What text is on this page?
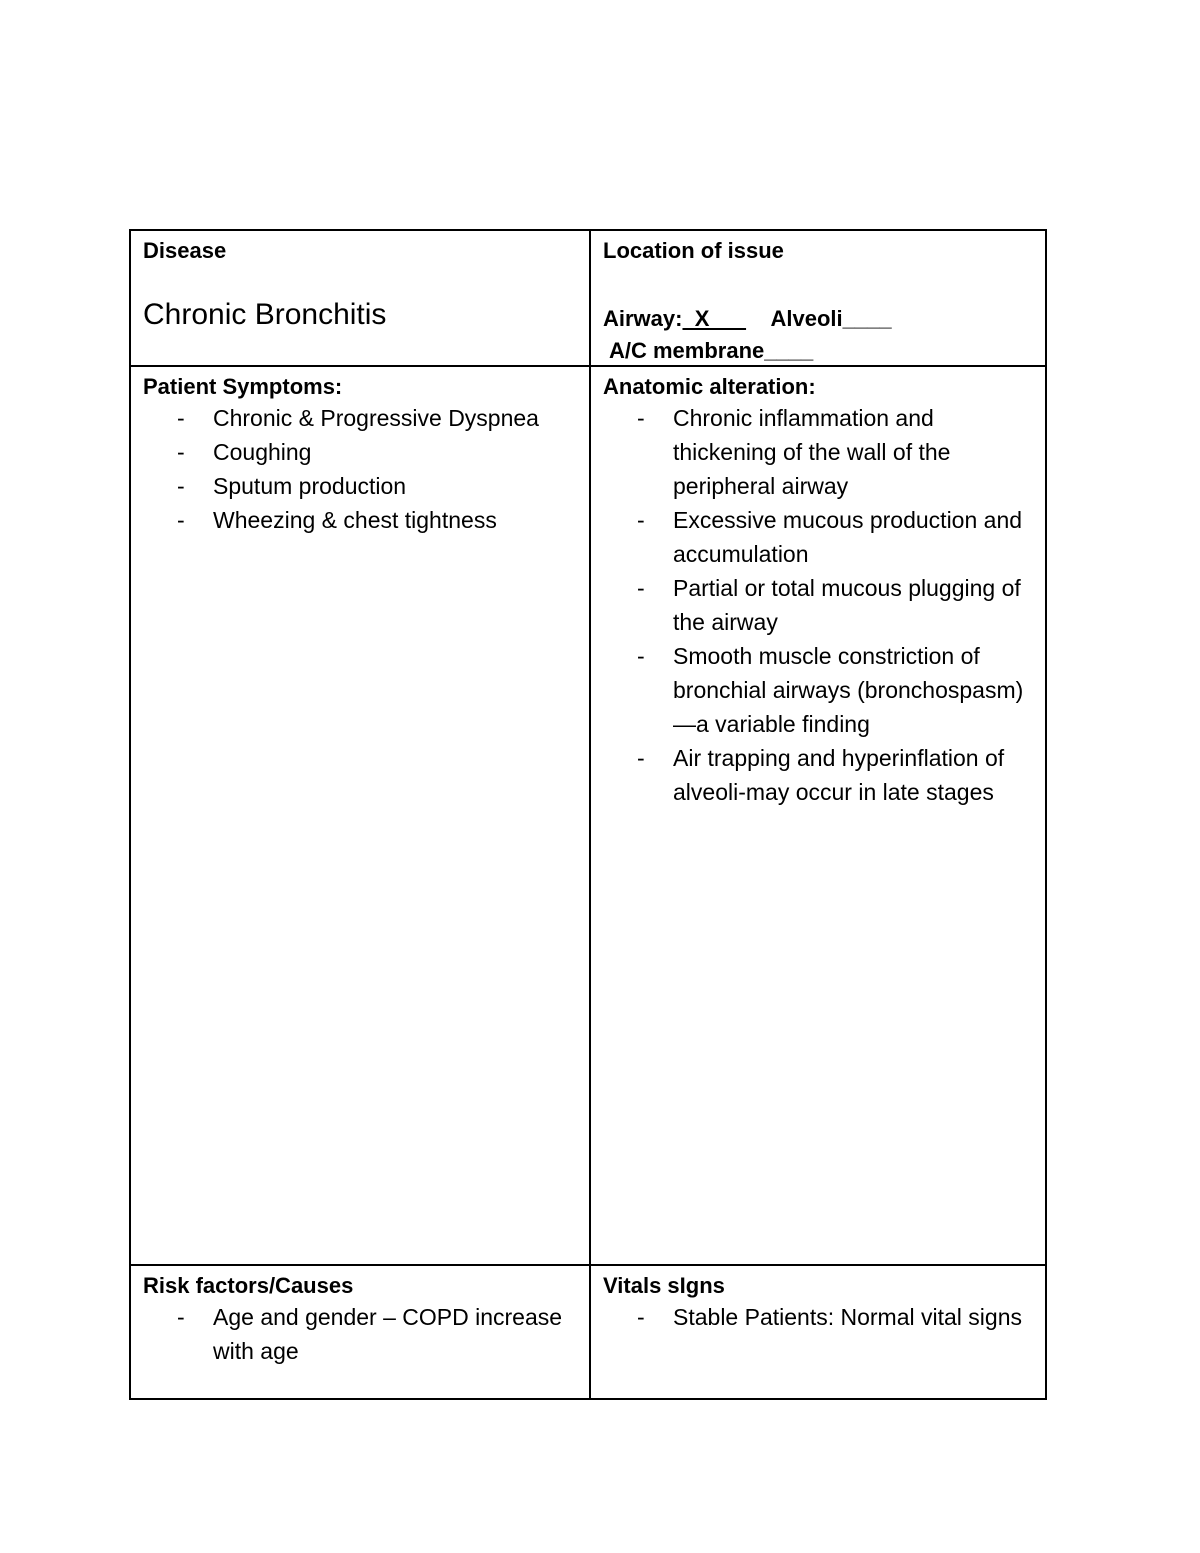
Disease
Chronic Bronchitis
Location of issue
Airway:  X          Alveoli____
A/C membrane____
Patient Symptoms:
- Chronic & Progressive Dyspnea
- Coughing
- Sputum production
- Wheezing & chest tightness
Anatomic alteration:
- Chronic inflammation and thickening of the wall of the peripheral airway
- Excessive mucous production and accumulation
- Partial or total mucous plugging of the airway
- Smooth muscle constriction of bronchial airways (bronchospasm)—a variable finding
- Air trapping and hyperinflation of alveoli-may occur in late stages
Risk factors/Causes
- Age and gender – COPD increase with age
Vitals sIgns
- Stable Patients: Normal vital signs
